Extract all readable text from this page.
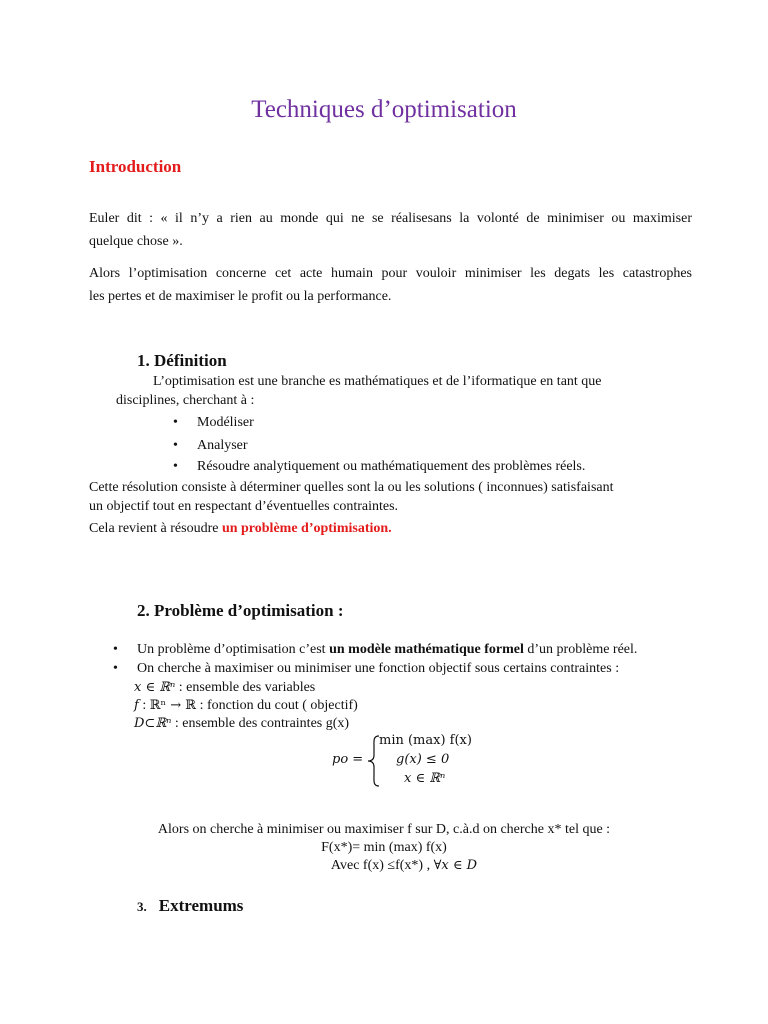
Techniques d’optimisation
Introduction
Euler dit : « il n’y a rien au monde qui ne se réalisesans la volonté de minimiser ou maximiser
quelque chose ».
Alors l’optimisation concerne cet acte humain pour vouloir minimiser les degats les catastrophes
les pertes et de maximiser le profit ou la performance.
1. Définition
L’optimisation est une branche es mathématiques et de l’iformatique en tant que
disciplines, cherchant à :
• Modéliser
• Analyser
• Résoudre analytiquement ou mathématiquement des problèmes réels.
Cette résolution consiste à déterminer quelles sont la ou les solutions ( inconnues) satisfaisant
un objectif tout en respectant d’éventuelles contraintes.
Cela revient à résoudre un problème d’optimisation.
2. Problème d’optimisation :
• Un problème d’optimisation c’est un modèle mathématique formel d’un problème réel.
• On cherche à maximiser ou minimiser une fonction objectif sous certains contraintes :
x ∈ ℝⁿ : ensemble des variables
f : ℝⁿ → ℝ : fonction du cout ( objectif)
D⊂ℝⁿ : ensemble des contraintes g(x)
po =
min (max) f(x)
g(x) ≤ 0
x ∈ ℝⁿ
Alors on cherche à minimiser ou maximiser f sur D, c.à.d on cherche x* tel que :
F(x*)= min (max) f(x)
Avec f(x) ≤f(x*) , ∀x ∈ D
3. Extremums
